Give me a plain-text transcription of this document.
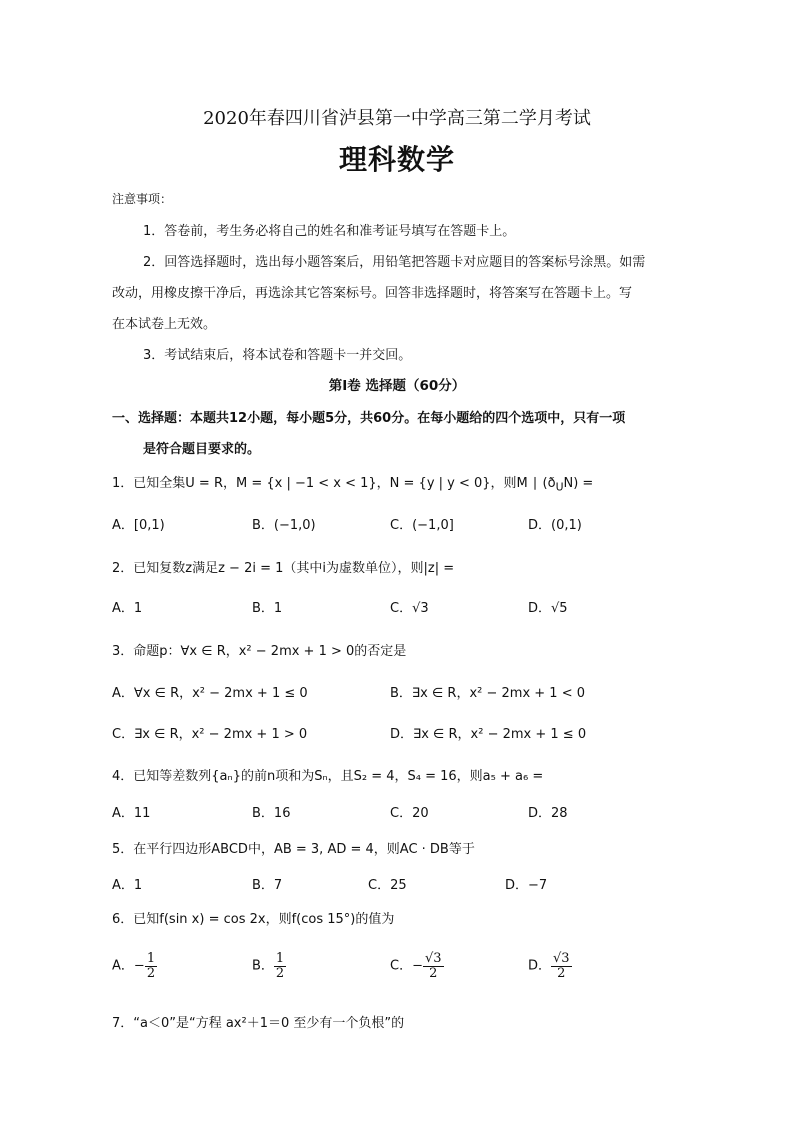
2020年春四川省泸县第一中学高三第二学月考试
理科数学
注意事项：
1．答卷前，考生务必将自己的姓名和准考证号填写在答题卡上。
2．回答选择题时，选出每小题答案后，用铅笔把答题卡对应题目的答案标号涂黑。如需
改动，用橡皮擦干净后，再选涂其它答案标号。回答非选择题时，将答案写在答题卡上。写
在本试卷上无效。
3．考试结束后，将本试卷和答题卡一并交回。
第Ⅰ卷 选择题（60分）
一、选择题：本题共12小题，每小题5分，共60分。在每小题给的四个选项中，只有一项
是符合题目要求的。
1．已知全集U = R，M = {x | −1 < x < 1}，N = {y | y < 0}，则M ∣ $(ð_UN)$ =
A．[0,1)	B．(−1,0)	C．(−1,0]	D．(0,1)
2．已知复数z满足z − 2i = 1（其中i为虚数单位），则|z| =
A．1	B．1	C．√3	D．√5
3．命题p：∀x ∈ R，x² − 2mx + 1 > 0的否定是
A．∀x ∈ R，x² − 2mx + 1 ≤ 0	B．∃x ∈ R，x² − 2mx + 1 < 0
C．∃x ∈ R，x² − 2mx + 1 > 0	D．∃x ∈ R，x² − 2mx + 1 ≤ 0
4．已知等差数列{aₙ}的前n项和为Sₙ，且S₂ = 4，S₄ = 16，则a₅ + a₆ =
A．11	B．16	C．20	D．28
5．在平行四边形ABCD中，AB = 3, AD = 4，则AC · DB等于
A．1	B．7	C．25	D．−7
6．已知f(sin x) = cos 2x，则f(cos 15°)的值为
A．− $\frac{1}{2}$	B． $\frac{1}{2}$	C．− $\frac{√3}{2}$	D． $\frac{√3}{2}$
7．“a＜0”是“方程 ax²＋1＝0 至少有一个负根”的
